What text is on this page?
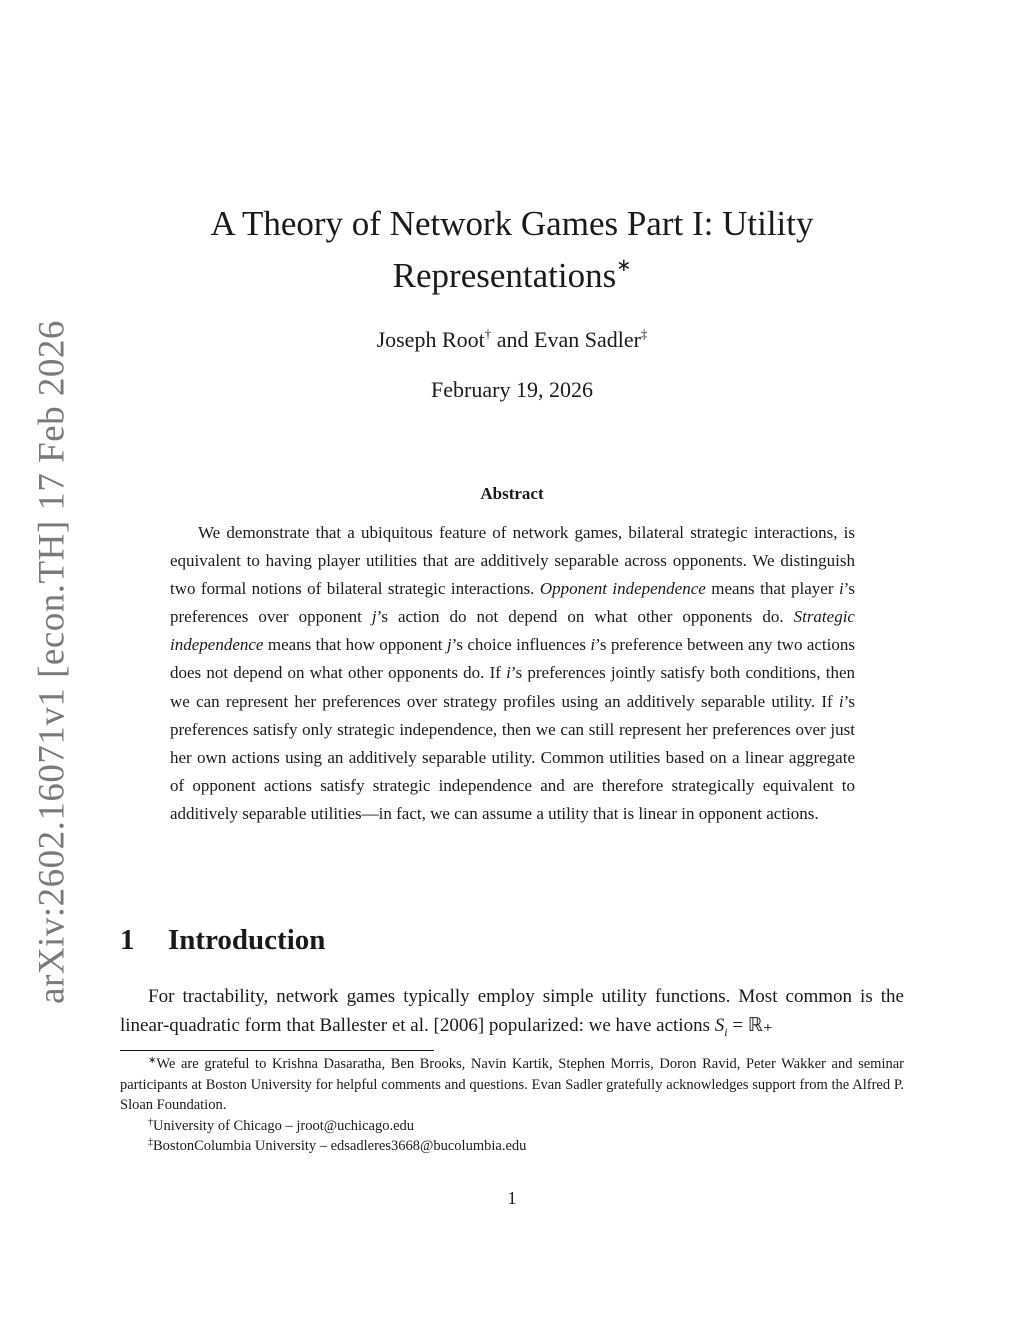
arXiv:2602.16071v1 [econ.TH] 17 Feb 2026
A Theory of Network Games Part I: Utility
Representations∗
Joseph Root† and Evan Sadler‡
February 19, 2026
Abstract

We demonstrate that a ubiquitous feature of network games, bilateral strategic interactions, is equivalent to having player utilities that are additively separable across opponents. We distinguish two formal notions of bilateral strategic interactions. Opponent independence means that player i’s preferences over opponent j’s action do not depend on what other opponents do. Strategic independence means that how opponent j’s choice influences i’s preference between any two actions does not depend on what other opponents do. If i’s preferences jointly satisfy both conditions, then we can represent her preferences over strategy profiles using an additively separable utility. If i’s preferences satisfy only strategic independence, then we can still represent her preferences over just her own actions using an additively separable utility. Common utilities based on a linear aggregate of opponent actions satisfy strategic independence and are therefore strategically equivalent to additively separable utilities—in fact, we can assume a utility that is linear in opponent actions.

1 Introduction

For tractability, network games typically employ simple utility functions. Most common is the linear-quadratic form that Ballester et al. [2006] popularized: we have actions $S_i$ = ℝ₊

∗We are grateful to Krishna Dasaratha, Ben Brooks, Navin Kartik, Stephen Morris, Doron Ravid, Peter Wakker and seminar participants at Boston University for helpful comments and questions. Evan Sadler gratefully acknowledges support from the Alfred P. Sloan Foundation.

†University of Chicago – jroot@uchicago.edu

‡BostonColumbia University – edsadleres3668@bucolumbia.edu

1
